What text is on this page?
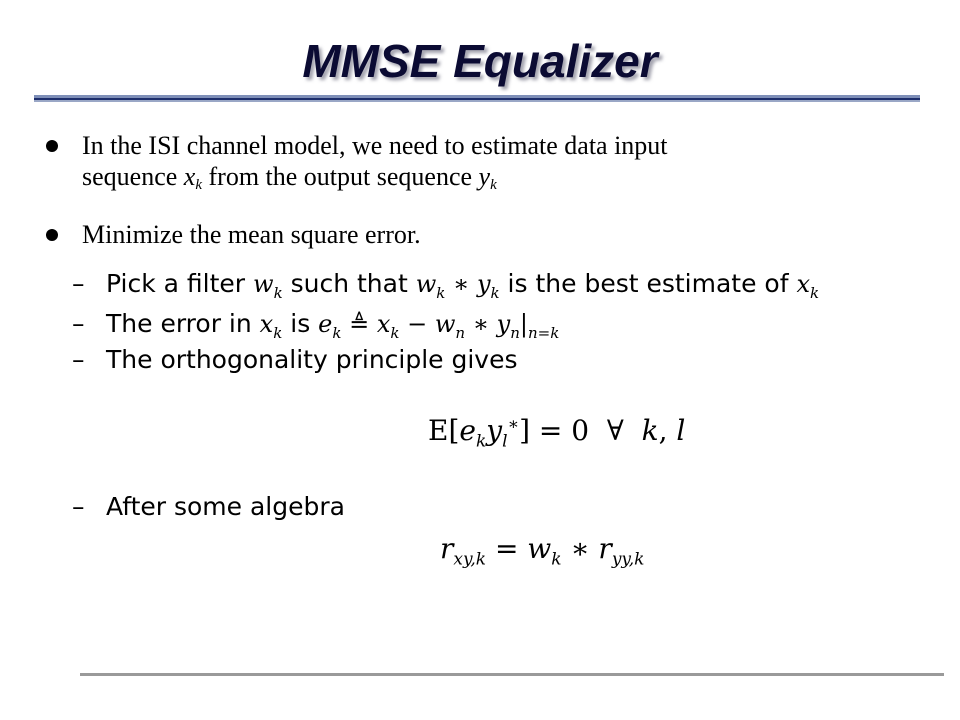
MMSE Equalizer
In the ISI channel model, we need to estimate data input
sequence $x_k$ from the output sequence $y_k$
Minimize the mean square error.
– Pick a filter $w_k$ such that $w_k$ ∗ $y_k$ is the best estimate of $x_k$
– The error in $x_k$ is $e_k$ ≜ $x_k - w_n$ ∗ $y_n|_{n=k}$
– The orthogonality principle gives
$E[e_ky_l^∗] = 0$  ∀  k, l
– After some algebra
$r_{xy,k} = w_k$ ∗ $r_{yy,k}$
